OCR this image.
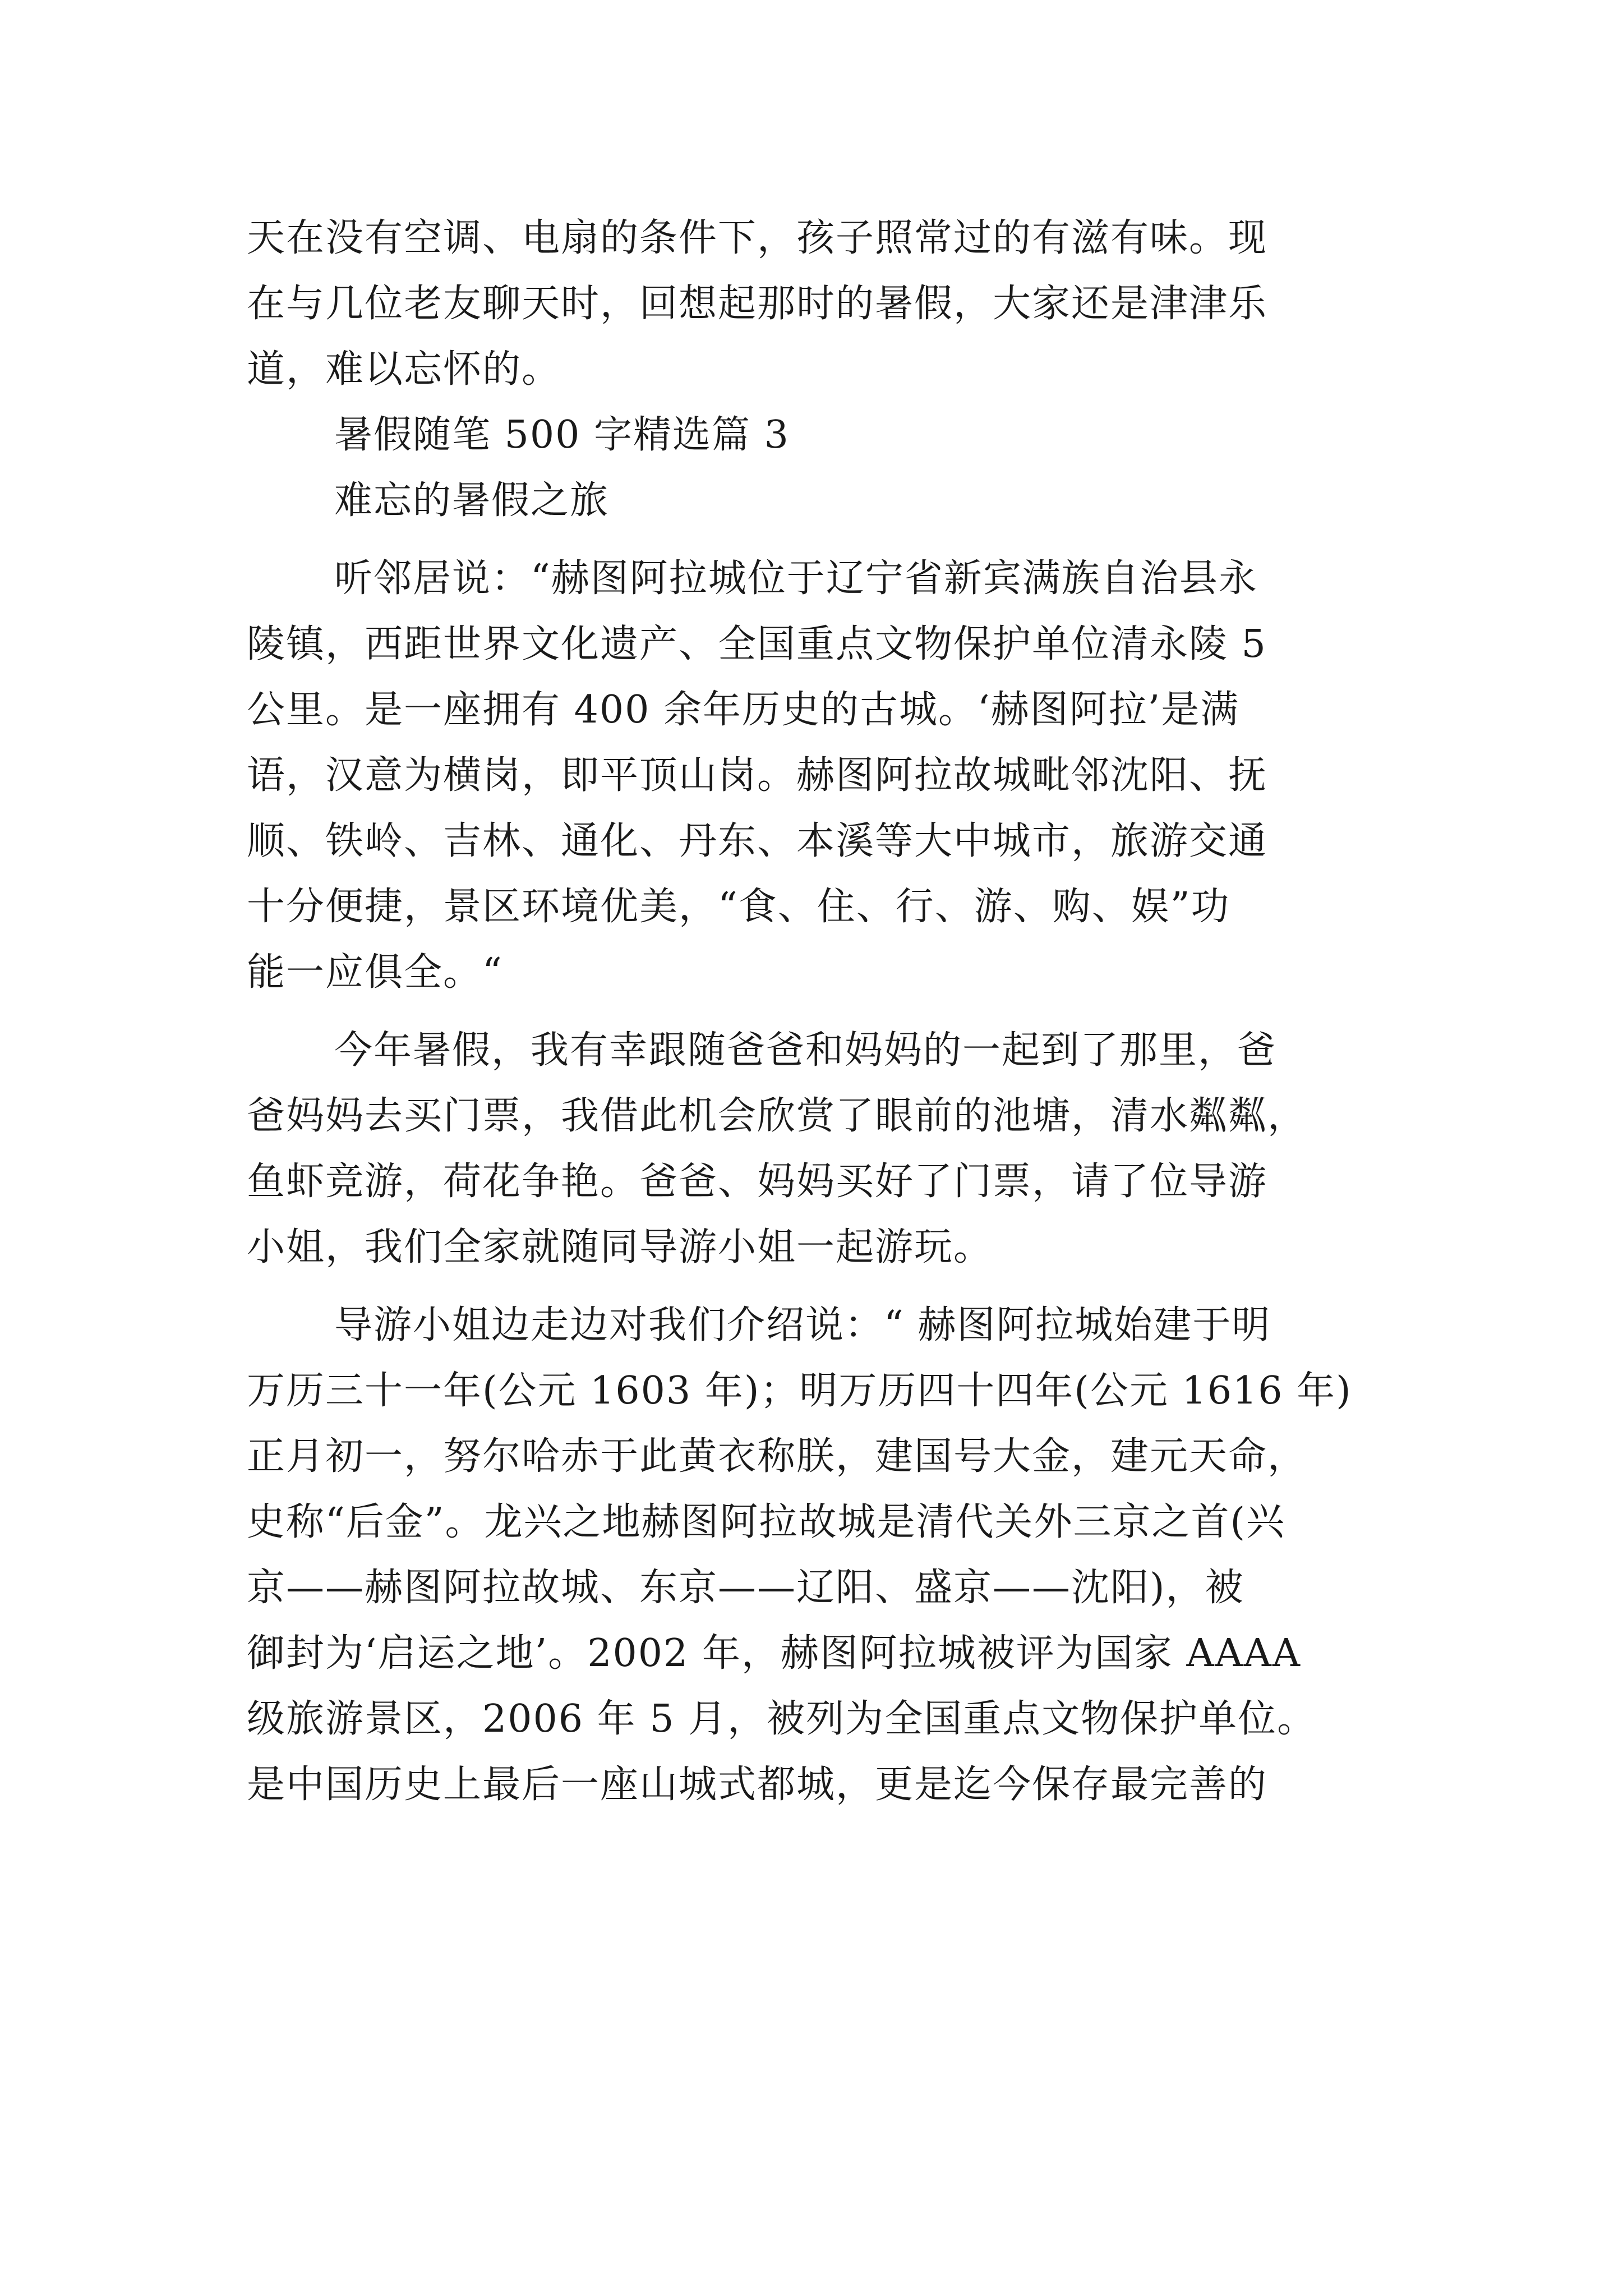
天在没有空调、电扇的条件下，孩子照常过的有滋有味。现
在与几位老友聊天时，回想起那时的暑假，大家还是津津乐
道，难以忘怀的。
暑假随笔 500 字精选篇 3
难忘的暑假之旅
听邻居说：“赫图阿拉城位于辽宁省新宾满族自治县永
陵镇，西距世界文化遗产、全国重点文物保护单位清永陵 5
公里。是一座拥有 400 余年历史的古城。‘赫图阿拉’是满
语，汉意为横岗，即平顶山岗。赫图阿拉故城毗邻沈阳、抚
顺、铁岭、吉林、通化、丹东、本溪等大中城市，旅游交通
十分便捷，景区环境优美，“食、住、行、游、购、娱”功
能一应俱全。“
今年暑假，我有幸跟随爸爸和妈妈的一起到了那里，爸
爸妈妈去买门票，我借此机会欣赏了眼前的池塘，清水粼粼，
鱼虾竞游，荷花争艳。爸爸、妈妈买好了门票，请了位导游
小姐，我们全家就随同导游小姐一起游玩。
导游小姐边走边对我们介绍说：“ 赫图阿拉城始建于明
万历三十一年(公元 1603 年)；明万历四十四年(公元 1616 年)
正月初一，努尔哈赤于此黄衣称朕，建国号大金，建元天命，
史称“后金”。龙兴之地赫图阿拉故城是清代关外三京之首(兴
京——赫图阿拉故城、东京——辽阳、盛京——沈阳)，被
御封为‘启运之地’。2002 年，赫图阿拉城被评为国家 AAAA
级旅游景区，2006 年 5 月，被列为全国重点文物保护单位。
是中国历史上最后一座山城式都城，更是迄今保存最完善的
